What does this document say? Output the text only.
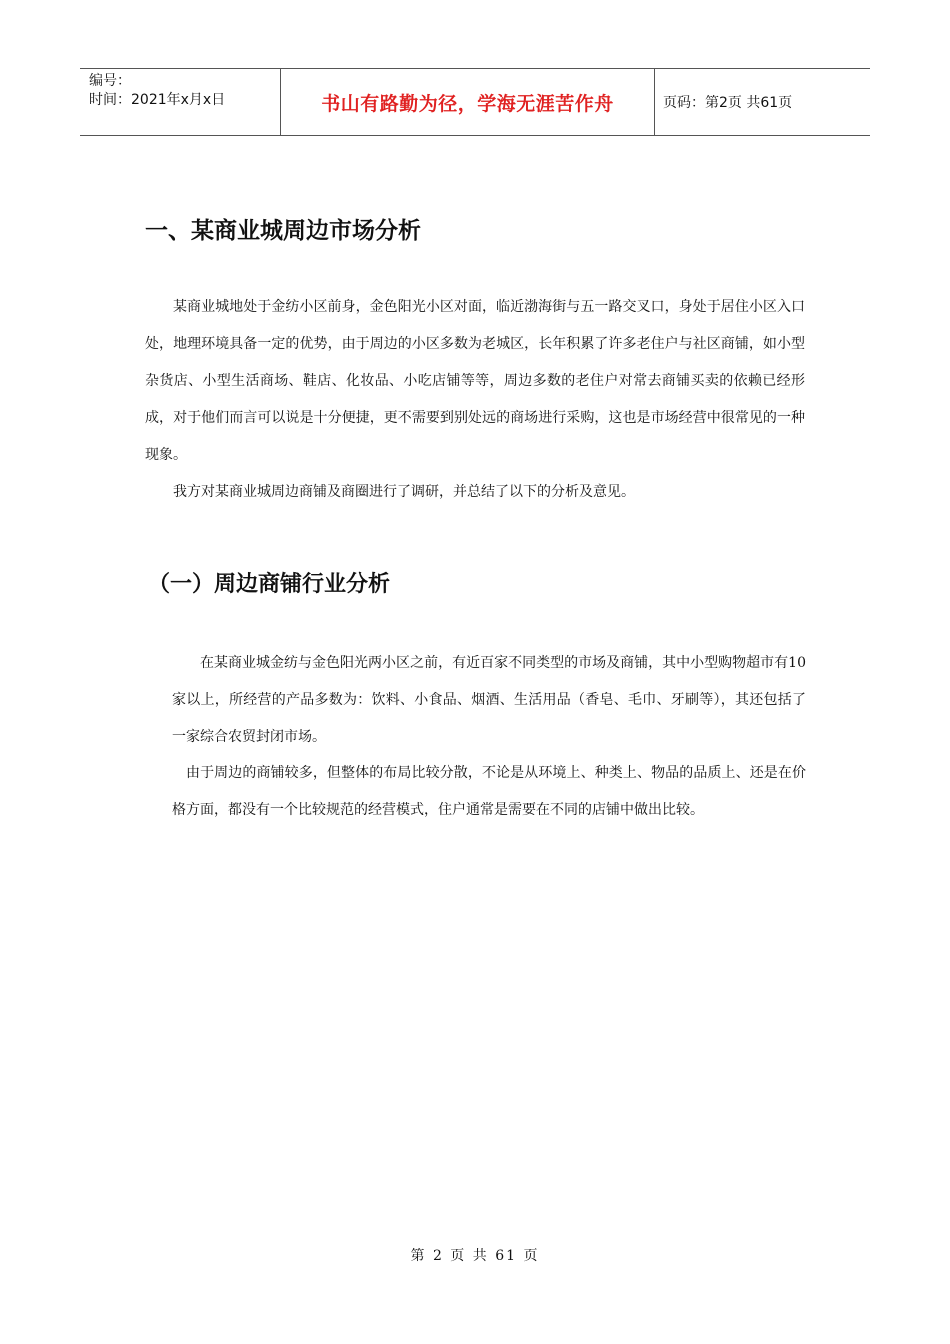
编号：
时间：2021年x月x日	书山有路勤为径，学海无涯苦作舟	页码：第2页 共61页
一、某商业城周边市场分析

某商业城地处于金纺小区前身，金色阳光小区对面，临近渤海街与五一路交叉口，身处于居住小区入口处，地理环境具备一定的优势，由于周边的小区多数为老城区，长年积累了许多老住户与社区商铺，如小型杂货店、小型生活商场、鞋店、化妆品、小吃店铺等等，周边多数的老住户对常去商铺买卖的依赖已经形成，对于他们而言可以说是十分便捷，更不需要到别处远的商场进行采购，这也是市场经营中很常见的一种现象。

我方对某商业城周边商铺及商圈进行了调研，并总结了以下的分析及意见。

（一）周边商铺行业分析

在某商业城金纺与金色阳光两小区之前，有近百家不同类型的市场及商铺，其中小型购物超市有10家以上，所经营的产品多数为：饮料、小食品、烟酒、生活用品（香皂、毛巾、牙刷等），其还包括了一家综合农贸封闭市场。

由于周边的商铺较多，但整体的布局比较分散，不论是从环境上、种类上、物品的品质上、还是在价格方面，都没有一个比较规范的经营模式，住户通常是需要在不同的店铺中做出比较。

第 2 页 共 61 页
